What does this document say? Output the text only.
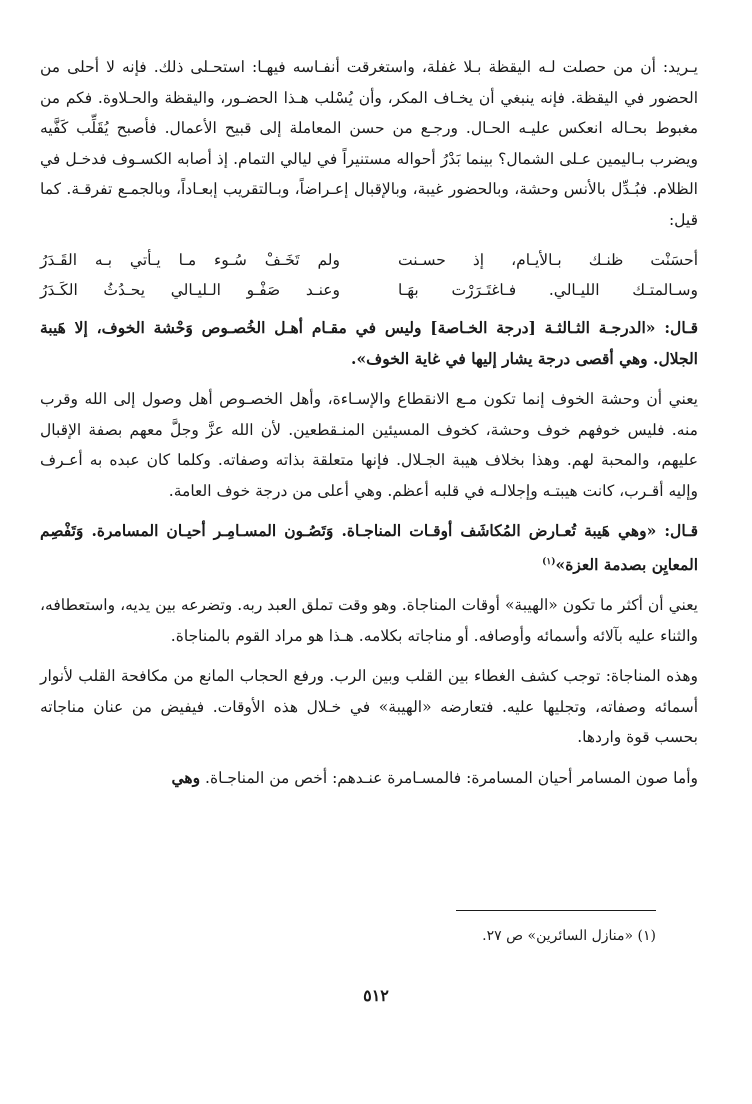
يـريد: أن من حصلت لـه اليقظة بـلا غفلة، واستغرقت أنفـاسه فيهـا: استحـلى ذلك. فإنه لا أحلى من الحضور في اليقظة. فإنه ينبغي أن يخـاف المكر، وأن يُسْلب هـذا الحضـور، واليقظة والحـلاوة. فكم من مغبوط بحـاله انعكس عليـه الحـال. ورجـع من حسن المعاملة إلى قبيح الأعمال. فأصبح يُقَلِّب كَفَّيه ويضرب بـاليمين عـلى الشمال؟ بينما بَدْرُ أحواله مستنيراً في ليالي التمام. إذ أصابه الكسـوف فدخـل في الظلام. فبُـدِّل بالأنس وحشة، وبالحضور غيبة، وبالإقبال إعـراضاً، وبـالتقريب إبعـاداً، وبالجمـع تفرقـة. كما قيل:

أحسَنْت ظنـك بـالأيـام، إذ حسـنت
ولم تَخَـفْ سُـوء مـا يـأتي بـه القَـدَرُ
وسـالمتـك الليـالي. فـاغتَـرَرْت بهَـا
وعنـد صَفْـو الـليـالي يحـدُثُ الكَـدَرُ

قـال: «الدرجـة الثـالثـة [درجة الخـاصة] وليس في مقـام أهـل الخُصـوص وَحْشة الخوف، إلا هَيبة الجلال. وهي أقصى درجة يشار إليها في غاية الخوف».

يعني أن وحشة الخوف إنما تكون مـع الانقطاع والإسـاءة، وأهل الخصـوص أهل وصول إلى الله وقرب منه. فليس خوفهم خوف وحشة، كخوف المسيئين المنـقطعين. لأن الله عزَّ وجلَّ معهم بصفة الإقبال عليهم، والمحبة لهم. وهذا بخلاف هيبة الجـلال. فإنها متعلقة بذاته وصفاته. وكلما كان عبده به أعـرف وإليه أقـرب، كانت هيبتـه وإجلالـه في قلبه أعظم. وهي أعلى من درجة خوف العامة.

قـال: «وهي هَيبة تُعـارض المُكاشَف أوقـات المناجـاة. وَتَصُـون المسـامِـر أحيـان المسامرة. وَتَفْصِم المعايِن بصدمة العزة»$^{(١)}$

يعني أن أكثر ما تكون «الهيبة» أوقات المناجاة. وهو وقت تملق العبد ربه. وتضرعه بين يديه، واستعطافه، والثناء عليه بآلائه وأسمائه وأوصافه. أو مناجاته بكلامه. هـذا هو مراد القوم بالمناجاة.

وهذه المناجاة: توجب كشف الغطاء بين القلب وبين الرب. ورفع الحجاب المانع من مكافحة القلب لأنوار أسمائه وصفاته، وتجليها عليه. فتعارضه «الهيبة» في خـلال هذه الأوقات. فيفيض من عنان مناجاته بحسب قوة واردها.

وأما صون المسامر أحيان المسامرة: فالمسـامرة عنـدهم: أخص من المناجـاة. وهي

(١) «منازل السائرين» ص ٢٧.
٥١٢
